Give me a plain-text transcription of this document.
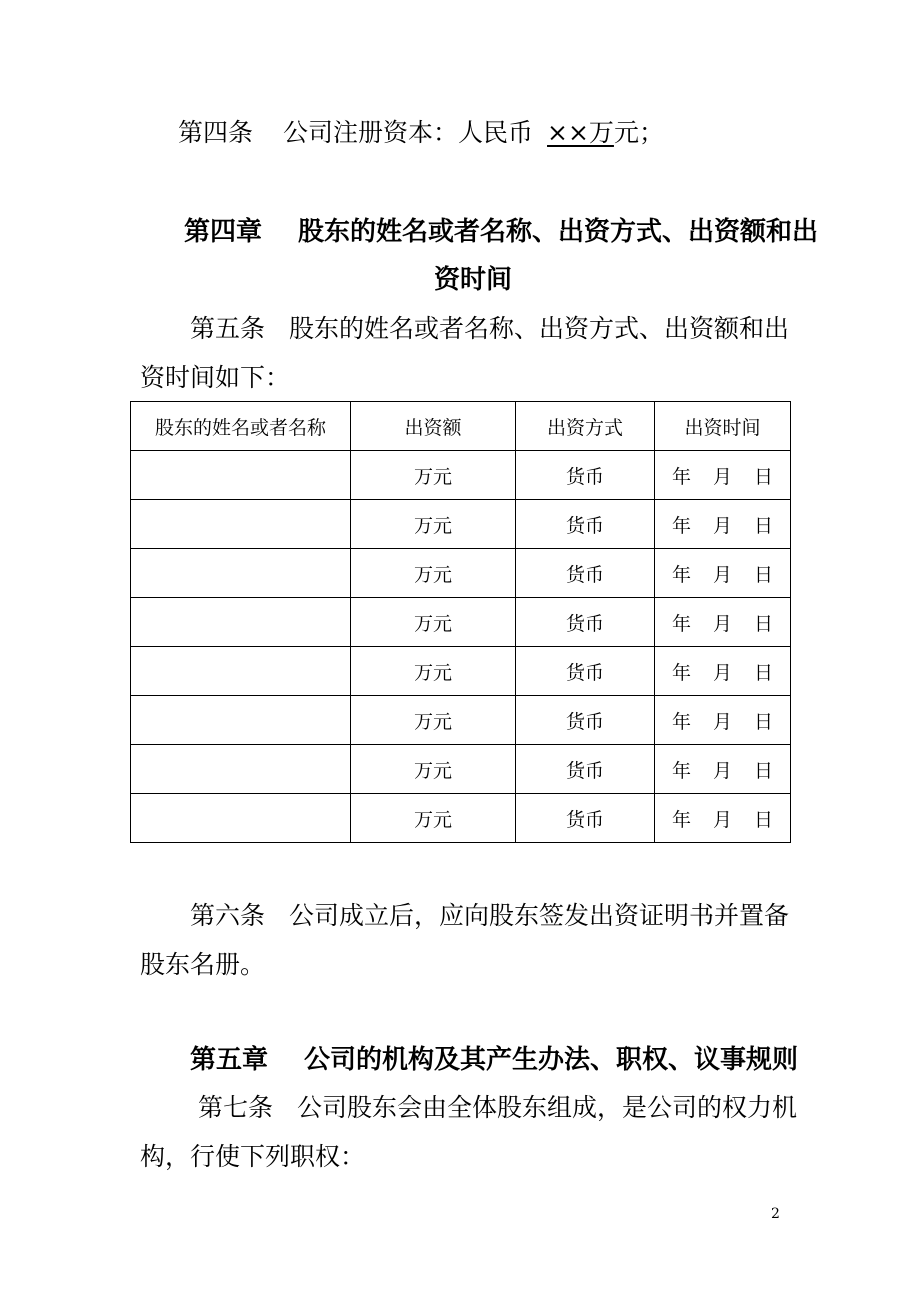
第四条 公司注册资本：人民币 ××万元；
第四章 股东的姓名或者名称、出资方式、出资额和出
资时间
第五条 股东的姓名或者名称、出资方式、出资额和出
资时间如下：
股东的姓名或者名称	出资额	出资方式	出资时间
	万元	货币	年 月 日
	万元	货币	年 月 日
	万元	货币	年 月 日
	万元	货币	年 月 日
	万元	货币	年 月 日
	万元	货币	年 月 日
	万元	货币	年 月 日
	万元	货币	年 月 日
第六条 公司成立后，应向股东签发出资证明书并置备
股东名册。
第五章 公司的机构及其产生办法、职权、议事规则
第七条 公司股东会由全体股东组成，是公司的权力机
构，行使下列职权：
2
